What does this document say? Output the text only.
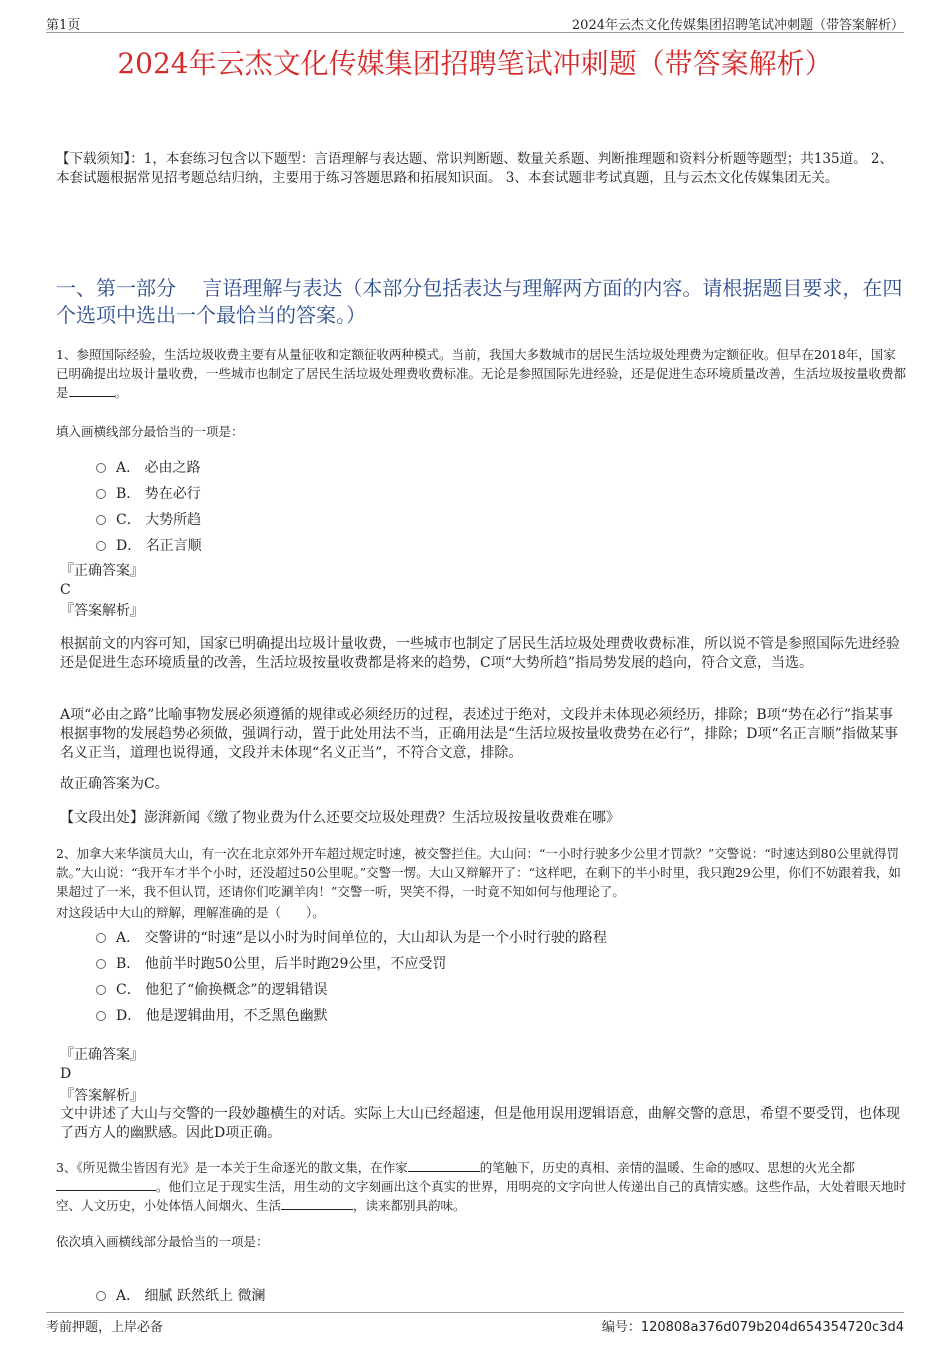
第1页	2024年云杰文化传媒集团招聘笔试冲刺题（带答案解析）
2024年云杰文化传媒集团招聘笔试冲刺题（带答案解析）
【下载须知】：1，本套练习包含以下题型：言语理解与表达题、常识判断题、数量关系题、判断推理题和资料分析题等题型；共135道。 2、本套试题根据常见招考题总结归纳，主要用于练习答题思路和拓展知识面。 3、本套试题非考试真题，且与云杰文化传媒集团无关。
一、第一部分　 言语理解与表达（本部分包括表达与理解两方面的内容。请根据题目要求，在四个选项中选出一个最恰当的答案。）
1、参照国际经验，生活垃圾收费主要有从量征收和定额征收两种模式。当前，我国大多数城市的居民生活垃圾处理费为定额征收。但早在2018年，国家已明确提出垃圾计量收费，一些城市也制定了居民生活垃圾处理费收费标准。无论是参照国际先进经验，还是促进生态环境质量改善，生活垃圾按量收费都是	。
填入画横线部分最恰当的一项是：
A． 必由之路
B． 势在必行
C． 大势所趋
D． 名正言顺
『正确答案』
C
『答案解析』
根据前文的内容可知，国家已明确提出垃圾计量收费，一些城市也制定了居民生活垃圾处理费收费标准，所以说不管是参照国际先进经验还是促进生态环境质量的改善，生活垃圾按量收费都是将来的趋势，C项“大势所趋”指局势发展的趋向，符合文意，当选。
A项“必由之路”比喻事物发展必须遵循的规律或必须经历的过程，表述过于绝对，文段并未体现必须经历，排除；B项“势在必行”指某事根据事物的发展趋势必须做，强调行动，置于此处用法不当，正确用法是“生活垃圾按量收费势在必行”，排除；D项“名正言顺”指做某事名义正当，道理也说得通，文段并未体现“名义正当”，不符合文意，排除。
故正确答案为C。
【文段出处】澎湃新闻《缴了物业费为什么还要交垃圾处理费？生活垃圾按量收费难在哪》
2、加拿大来华演员大山，有一次在北京郊外开车超过规定时速，被交警拦住。大山问：“一小时行驶多少公里才罚款？”交警说：“时速达到80公里就得罚款。”大山说：“我开车才半个小时，还没超过50公里呢。”交警一愣。大山又辩解开了：“这样吧，在剩下的半小时里，我只跑29公里，你们不妨跟着我，如果超过了一米，我不但认罚，还请你们吃涮羊肉！”交警一听，哭笑不得，一时竟不知如何与他理论了。
对这段话中大山的辩解，理解准确的是（　　）。
A． 交警讲的“时速”是以小时为时间单位的，大山却认为是一个小时行驶的路程
B． 他前半时跑50公里，后半时跑29公里，不应受罚
C． 他犯了“偷换概念”的逻辑错误
D． 他是逻辑曲用，不乏黑色幽默
『正确答案』
D
『答案解析』
文中讲述了大山与交警的一段妙趣横生的对话。实际上大山已经超速，但是他用误用逻辑语意，曲解交警的意思，希望不要受罚，也体现了西方人的幽默感。因此D项正确。
3、《所见微尘皆因有光》是一本关于生命逐光的散文集，在作家	的笔触下，历史的真相、亲情的温暖、生命的感叹、思想的火光全都。他们立足于现实生活，用生动的文字刻画出这个真实的世界，用明亮的文字向世人传递出自己的真情实感。这些作品，大处着眼天地时空、人文历史，小处体悟人间烟火、生活	，读来都别具韵味。
依次填入画横线部分最恰当的一项是：
A． 细腻 跃然纸上 微澜
考前押题，上岸必备	编号：120808a376d079b204d654354720c3d4
